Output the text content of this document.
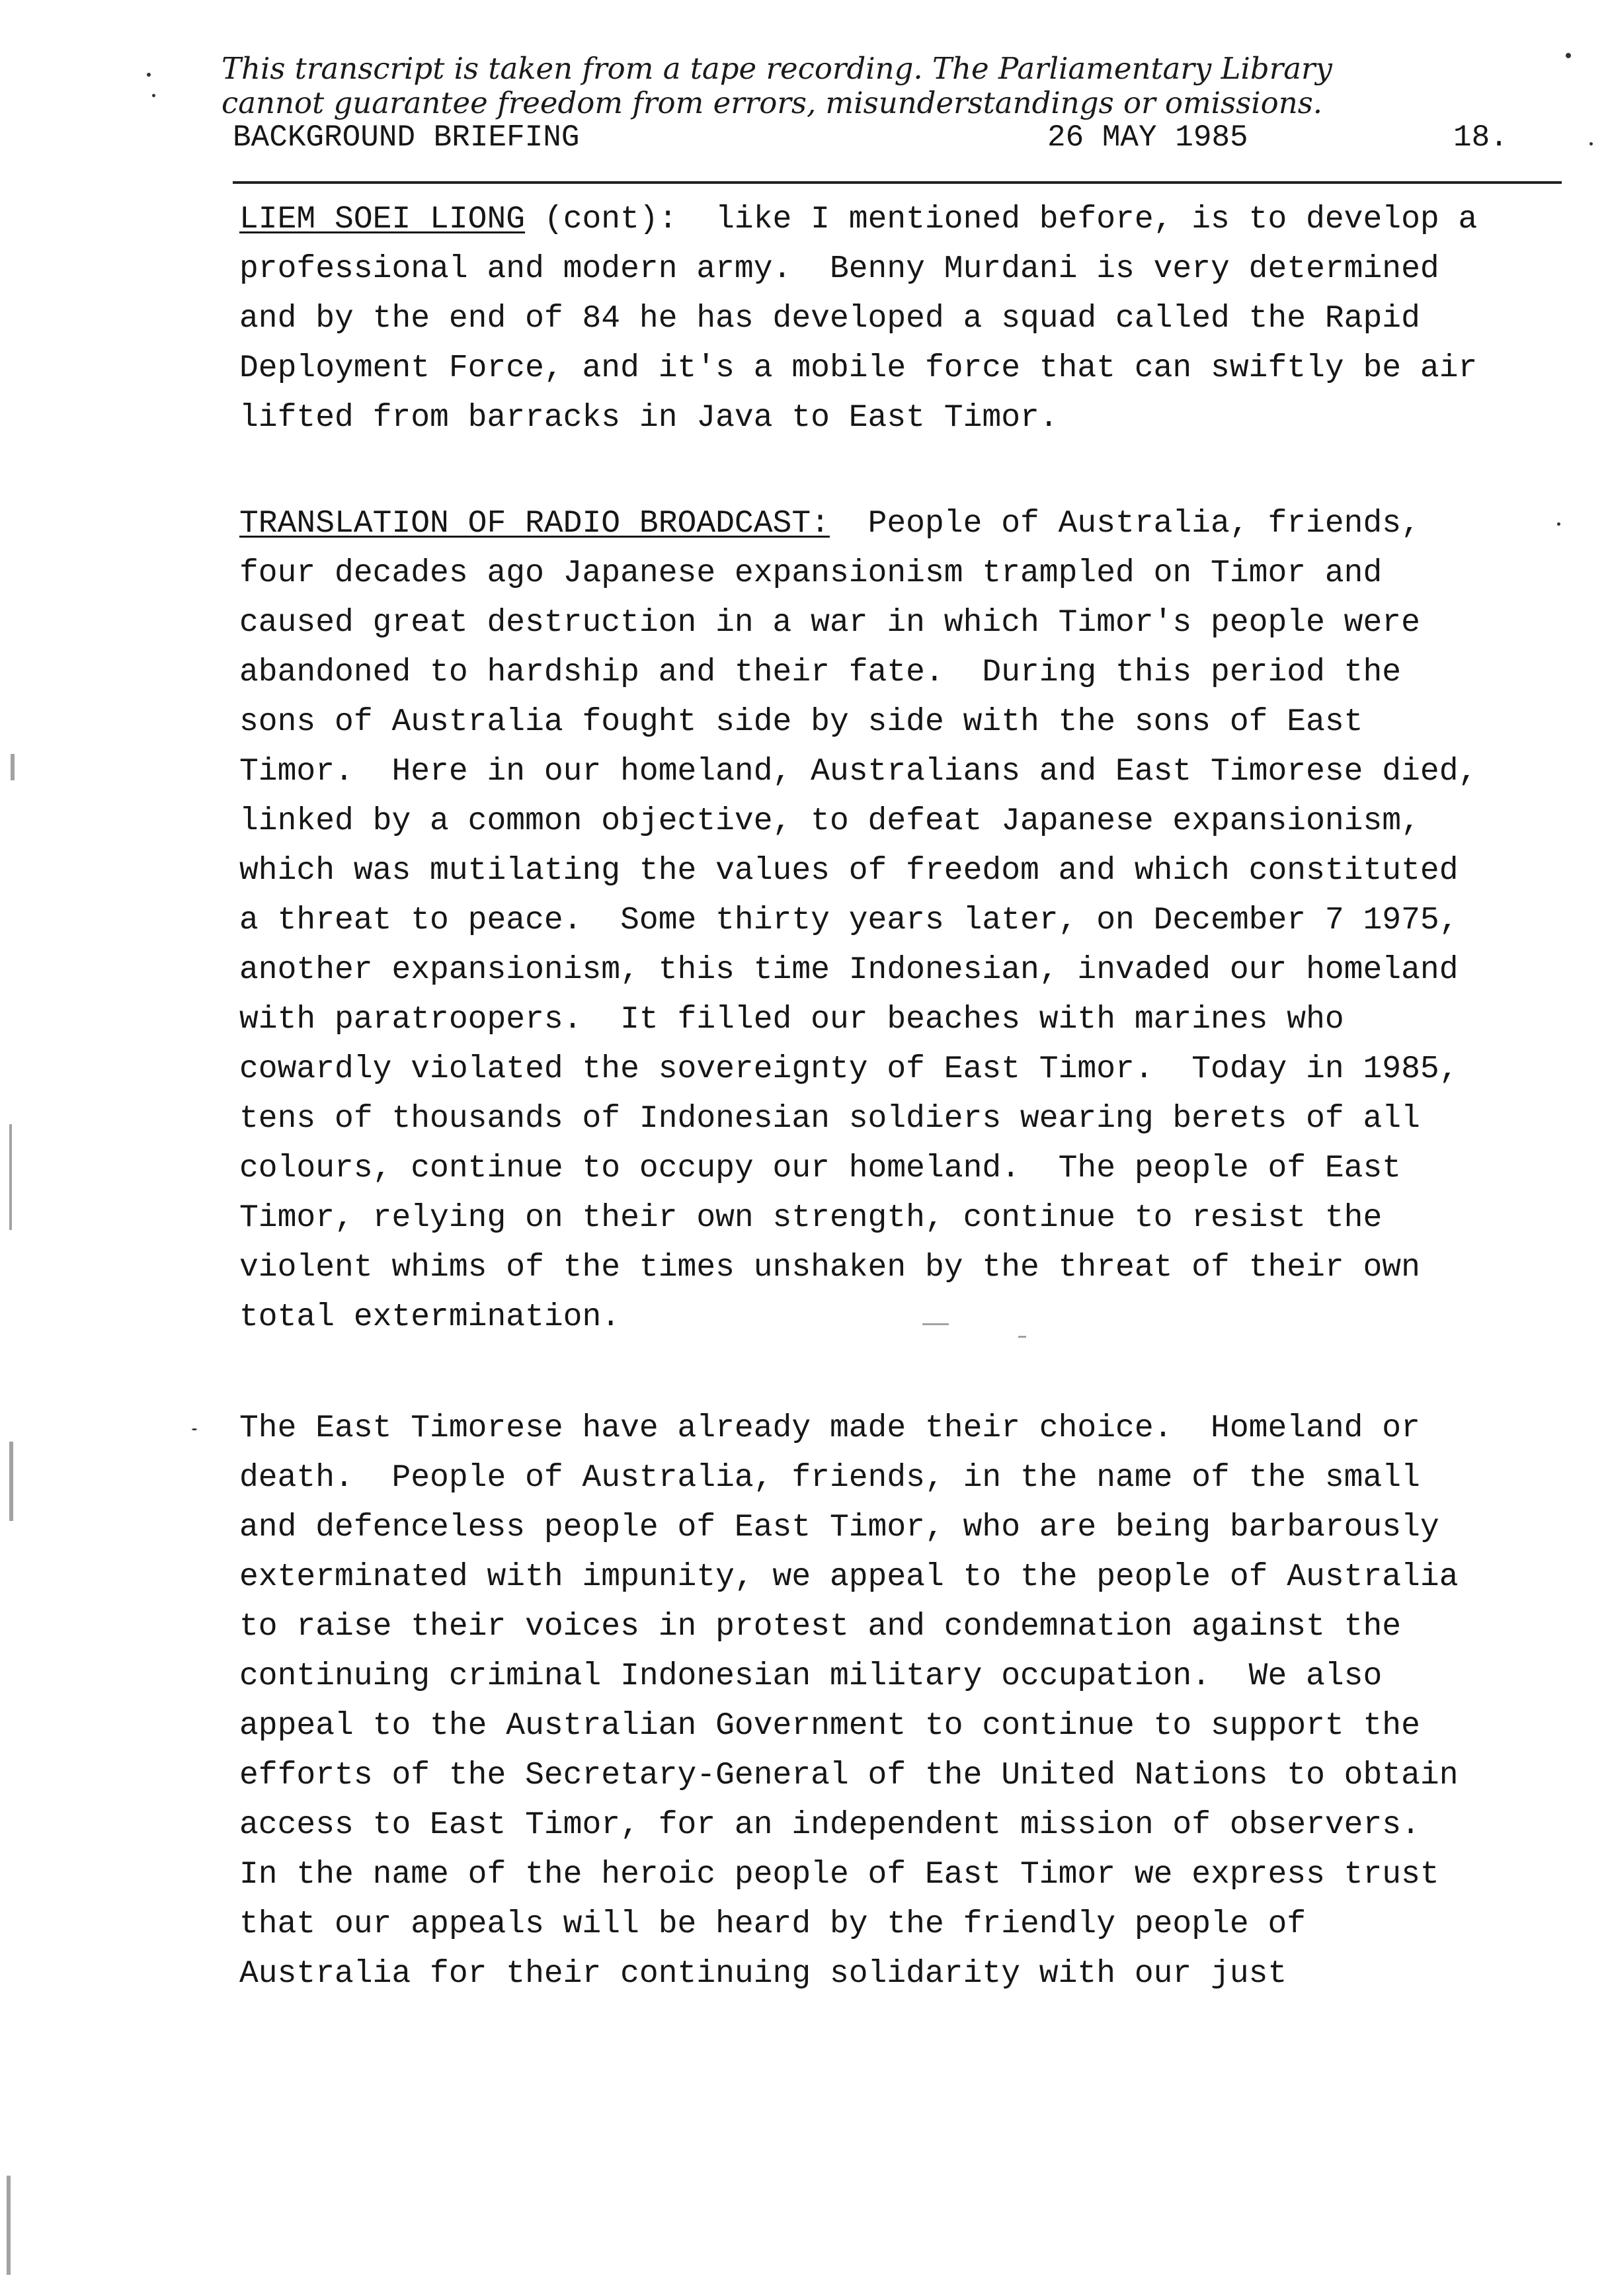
This transcript is taken from a tape recording. The Parliamentary Library
cannot guarantee freedom from errors, misunderstandings or omissions.
BACKGROUND BRIEFING	26 MAY 1985	18.
LIEM SOEI LIONG (cont):  like I mentioned before, is to develop a
professional and modern army.  Benny Murdani is very determined
and by the end of 84 he has developed a squad called the Rapid
Deployment Force, and it's a mobile force that can swiftly be air
lifted from barracks in Java to East Timor.
TRANSLATION OF RADIO BROADCAST:  People of Australia, friends,
four decades ago Japanese expansionism trampled on Timor and
caused great destruction in a war in which Timor's people were
abandoned to hardship and their fate.  During this period the
sons of Australia fought side by side with the sons of East
Timor.  Here in our homeland, Australians and East Timorese died,
linked by a common objective, to defeat Japanese expansionism,
which was mutilating the values of freedom and which constituted
a threat to peace.  Some thirty years later, on December 7 1975,
another expansionism, this time Indonesian, invaded our homeland
with paratroopers.  It filled our beaches with marines who
cowardly violated the sovereignty of East Timor.  Today in 1985,
tens of thousands of Indonesian soldiers wearing berets of all
colours, continue to occupy our homeland.  The people of East
Timor, relying on their own strength, continue to resist the
violent whims of the times unshaken by the threat of their own
total extermination.
The East Timorese have already made their choice.  Homeland or
death.  People of Australia, friends, in the name of the small
and defenceless people of East Timor, who are being barbarously
exterminated with impunity, we appeal to the people of Australia
to raise their voices in protest and condemnation against the
continuing criminal Indonesian military occupation.  We also
appeal to the Australian Government to continue to support the
efforts of the Secretary-General of the United Nations to obtain
access to East Timor, for an independent mission of observers.
In the name of the heroic people of East Timor we express trust
that our appeals will be heard by the friendly people of
Australia for their continuing solidarity with our just
